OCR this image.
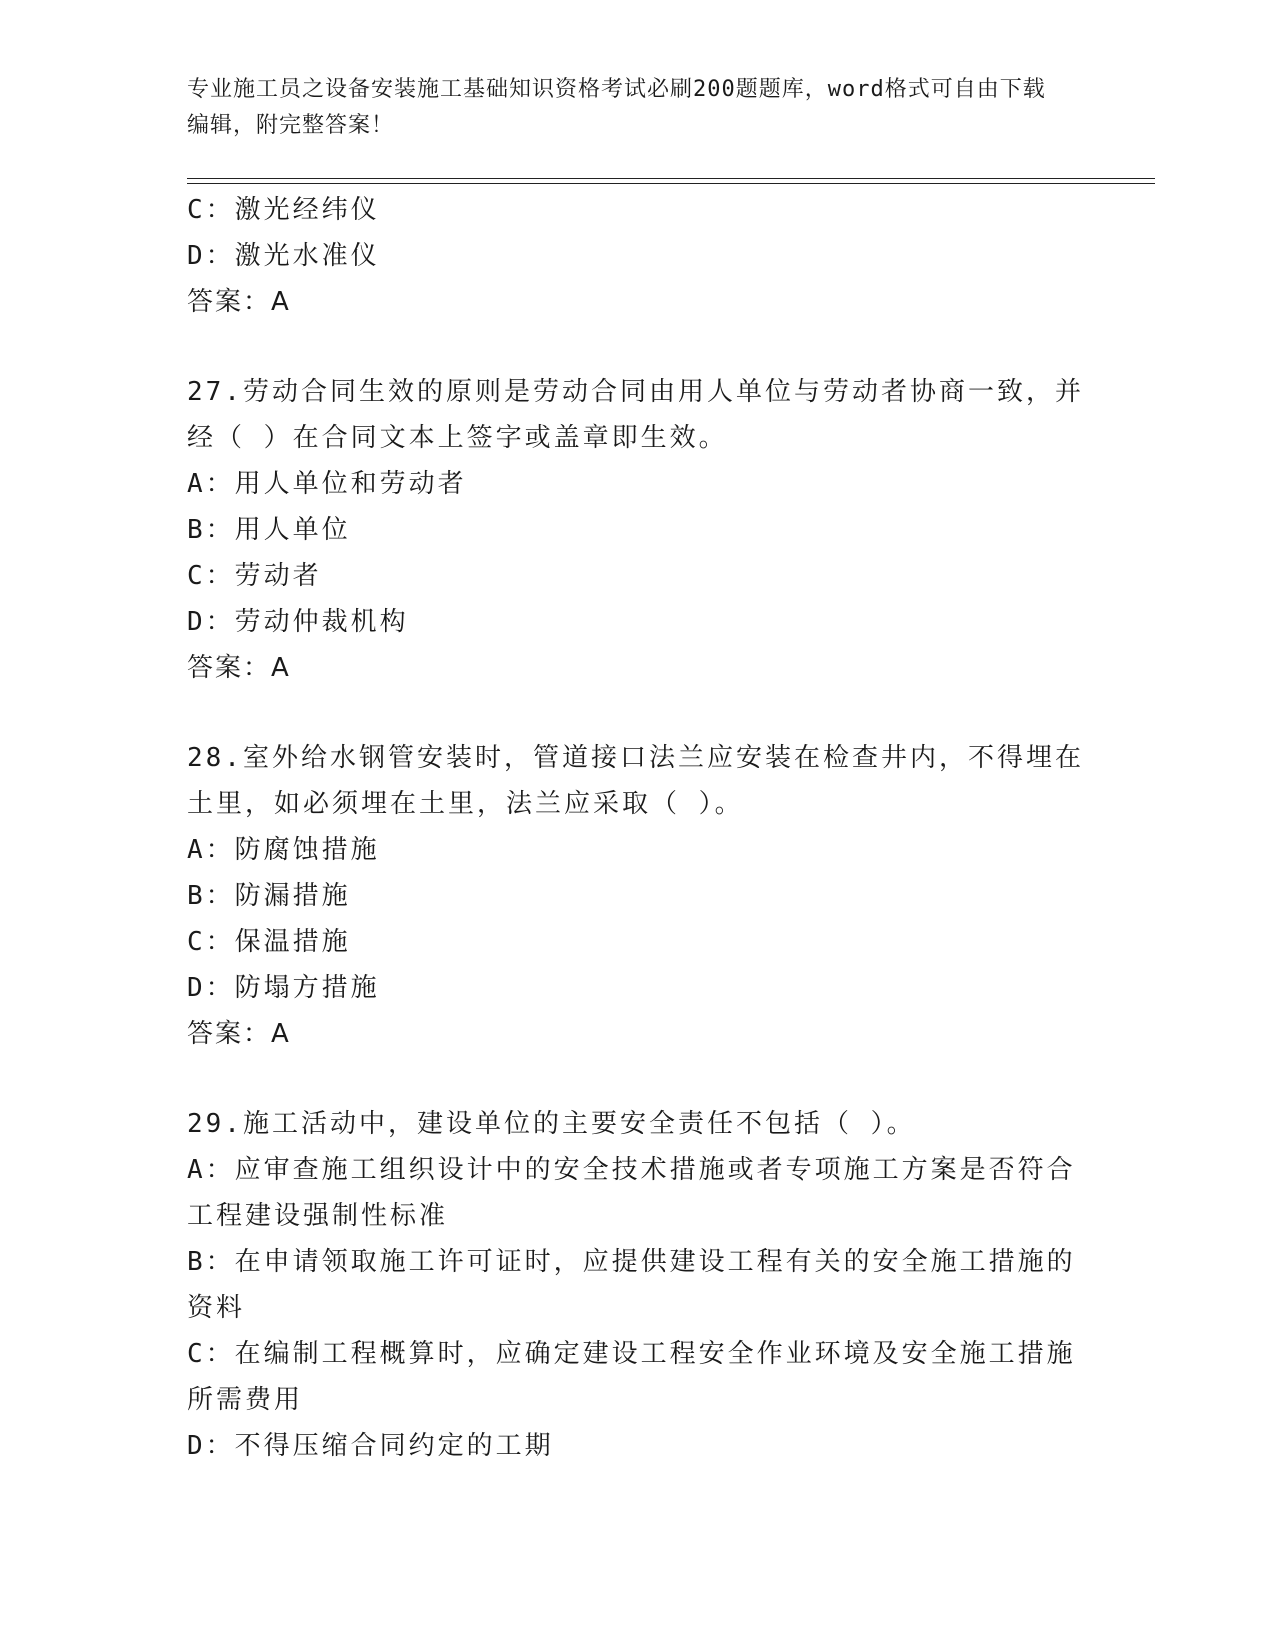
专业施工员之设备安装施工基础知识资格考试必刷200题题库，word格式可自由下载编辑，附完整答案！
C：激光经纬仪
D：激光水准仪
答案：A
27.劳动合同生效的原则是劳动合同由用人单位与劳动者协商一致，并
经（ ）在合同文本上签字或盖章即生效。
A：用人单位和劳动者
B：用人单位
C：劳动者
D：劳动仲裁机构
答案：A
28.室外给水钢管安装时，管道接口法兰应安装在检查井内，不得埋在
土里，如必须埋在土里，法兰应采取（ ）。
A：防腐蚀措施
B：防漏措施
C：保温措施
D：防塌方措施
答案：A
29.施工活动中，建设单位的主要安全责任不包括（ ）。
A：应审查施工组织设计中的安全技术措施或者专项施工方案是否符合
工程建设强制性标准
B：在申请领取施工许可证时，应提供建设工程有关的安全施工措施的
资料
C：在编制工程概算时，应确定建设工程安全作业环境及安全施工措施
所需费用
D：不得压缩合同约定的工期
